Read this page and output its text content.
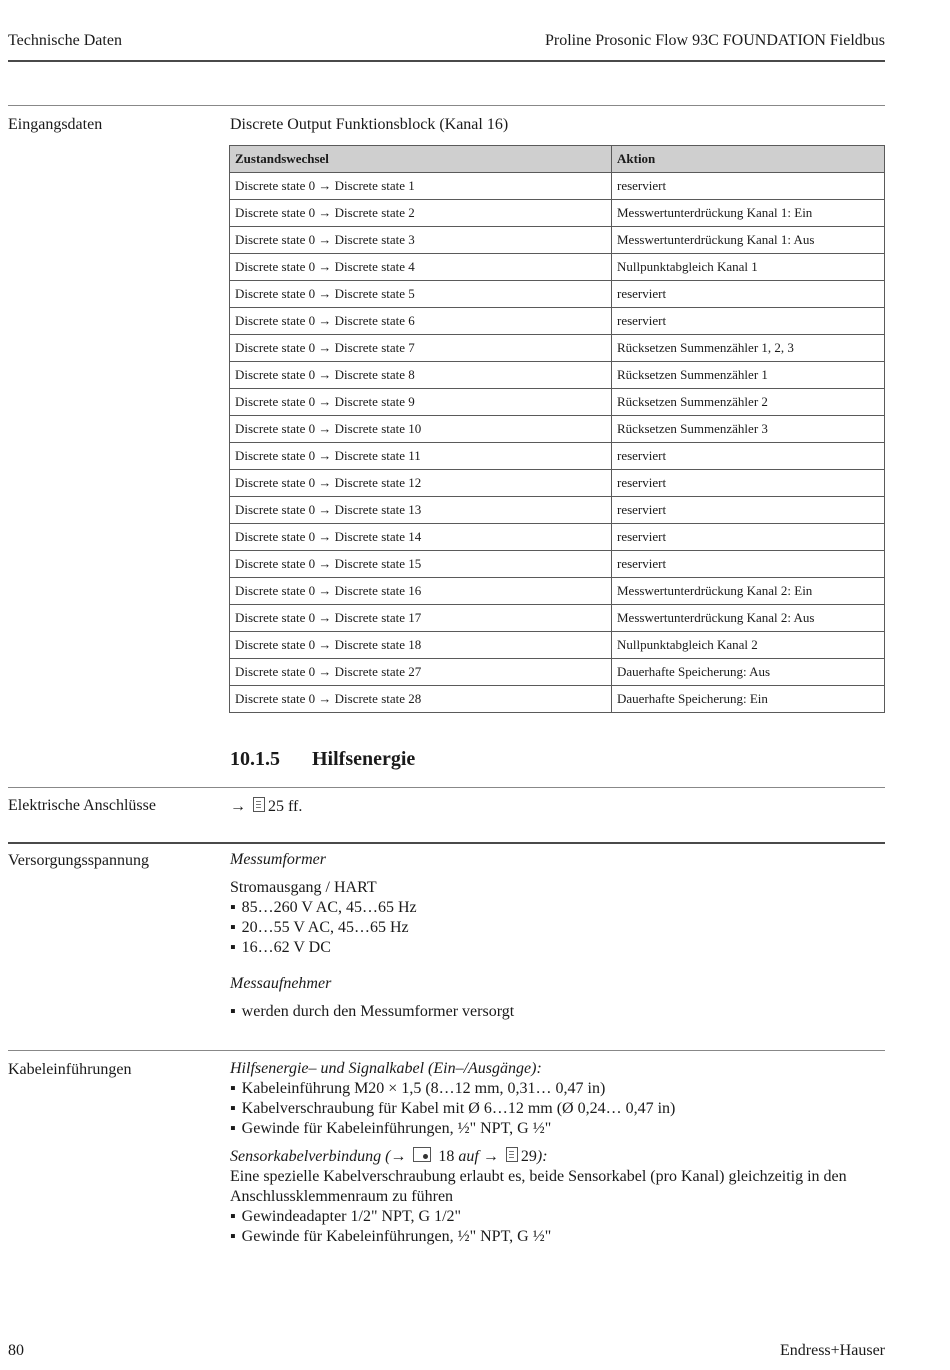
Technische Daten	Proline Prosonic Flow 93C FOUNDATION Fieldbus
Eingangsdaten	Discrete Output Funktionsblock (Kanal 16)
Zustandswechsel	Aktion
Discrete state 0 → Discrete state 1	reserviert
Discrete state 0 → Discrete state 2	Messwertunterdrückung Kanal 1: Ein
Discrete state 0 → Discrete state 3	Messwertunterdrückung Kanal 1: Aus
Discrete state 0 → Discrete state 4	Nullpunktabgleich Kanal 1
Discrete state 0 → Discrete state 5	reserviert
Discrete state 0 → Discrete state 6	reserviert
Discrete state 0 → Discrete state 7	Rücksetzen Summenzähler 1, 2, 3
Discrete state 0 → Discrete state 8	Rücksetzen Summenzähler 1
Discrete state 0 → Discrete state 9	Rücksetzen Summenzähler 2
Discrete state 0 → Discrete state 10	Rücksetzen Summenzähler 3
Discrete state 0 → Discrete state 11	reserviert
Discrete state 0 → Discrete state 12	reserviert
Discrete state 0 → Discrete state 13	reserviert
Discrete state 0 → Discrete state 14	reserviert
Discrete state 0 → Discrete state 15	reserviert
Discrete state 0 → Discrete state 16	Messwertunterdrückung Kanal 2: Ein
Discrete state 0 → Discrete state 17	Messwertunterdrückung Kanal 2: Aus
Discrete state 0 → Discrete state 18	Nullpunktabgleich Kanal 2
Discrete state 0 → Discrete state 27	Dauerhafte Speicherung: Aus
Discrete state 0 → Discrete state 28	Dauerhafte Speicherung: Ein
10.1.5 Hilfsenergie
Elektrische Anschlüsse	→ 25 ff.
Versorgungsspannung	Messumformer
Stromausgang / HART
▪ 85…260 V AC, 45…65 Hz
▪ 20…55 V AC, 45…65 Hz
▪ 16…62 V DC
Messaufnehmer
▪ werden durch den Messumformer versorgt
Kabeleinführungen	Hilfsenergie– und Signalkabel (Ein–/Ausgänge):
▪ Kabeleinführung M20 × 1,5 (8…12 mm, 0,31… 0,47 in)
▪ Kabelverschraubung für Kabel mit Ø 6…12 mm (Ø 0,24… 0,47 in)
▪ Gewinde für Kabeleinführungen, ½" NPT, G ½"
Sensorkabelverbindung (→ 18 auf → 29):
Eine spezielle Kabelverschraubung erlaubt es, beide Sensorkabel (pro Kanal) gleichzeitig in den Anschlussklemmenraum zu führen
▪ Gewindeadapter 1/2" NPT, G 1/2"
▪ Gewinde für Kabeleinführungen, ½" NPT, G ½"
80	Endress+Hauser
